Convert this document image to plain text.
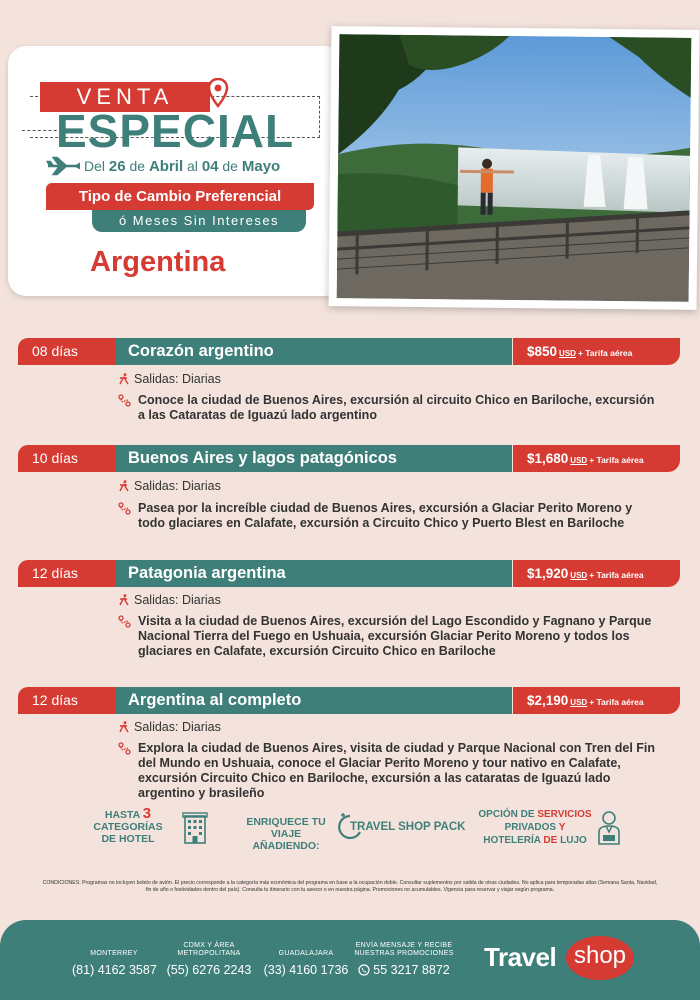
VENTA
ESPECIAL
Del 26 de Abril al 04 de Mayo
Tipo de Cambio Preferencial
ó Meses Sin Intereses
Argentina
08 días	Corazón argentino	$850 USD + Tarifa aérea
Salidas: Diarias
Conoce la ciudad de Buenos Aires, excursión al circuito Chico en Bariloche, excursión a las Cataratas de Iguazú lado argentino
10 días	Buenos Aires y lagos patagónicos	$1,680 USD + Tarifa aérea
Salidas: Diarias
Pasea por la increíble ciudad de Buenos Aires, excursión a Glaciar Perito Moreno y todo glaciares en Calafate, excursión a Circuito Chico y Puerto Blest en Bariloche
12 días	Patagonia argentina	$1,920 USD + Tarifa aérea
Salidas: Diarias
Visita a la ciudad de Buenos Aires, excursión del Lago Escondido y Fagnano y Parque Nacional Tierra del Fuego en Ushuaia, excursión Glaciar Perito Moreno y todos los glaciares en Calafate, excursión Circuito Chico en Bariloche
12 días	Argentina al completo	$2,190 USD + Tarifa aérea
Salidas: Diarias
Explora la ciudad de Buenos Aires, visita de ciudad y Parque Nacional con Tren del Fin del Mundo en Ushuaia, conoce el Glaciar Perito Moreno y tour nativo en Calafate, excursión Circuito Chico en Bariloche, excursión a las cataratas de Iguazú lado argentino y brasileño
HASTA 3
CATEGORÍAS
DE HOTEL
ENRIQUECE TU
VIAJE AÑADIENDO:
TRAVEL SHOP PACK
OPCIÓN DE SERVICIOS
PRIVADOS Y
HOTELERÍA DE LUJO
CONDICIONES: Programas no incluyen boleto de avión. El precio corresponde a la categoría más económica del programa en base a la ocupación doble. Consultar suplementos por salida de otras ciudades. No aplica para temporadas altas (Semana Santa, Navidad, fin de año o festividades dentro del país). Consulta tu itinerario con tu asesor o en nuestra página. Promociones no acumulables. Vigencia para reservar y viajar según programa.
MONTERREY
(81) 4162 3587
CDMX Y ÁREA METROPOLITANA
(55) 6276 2243
GUADALAJARA
(33) 4160 1736
ENVÍA MENSAJE Y RECIBE NUESTRAS PROMOCIONES
55 3217 8872 Travel shop
